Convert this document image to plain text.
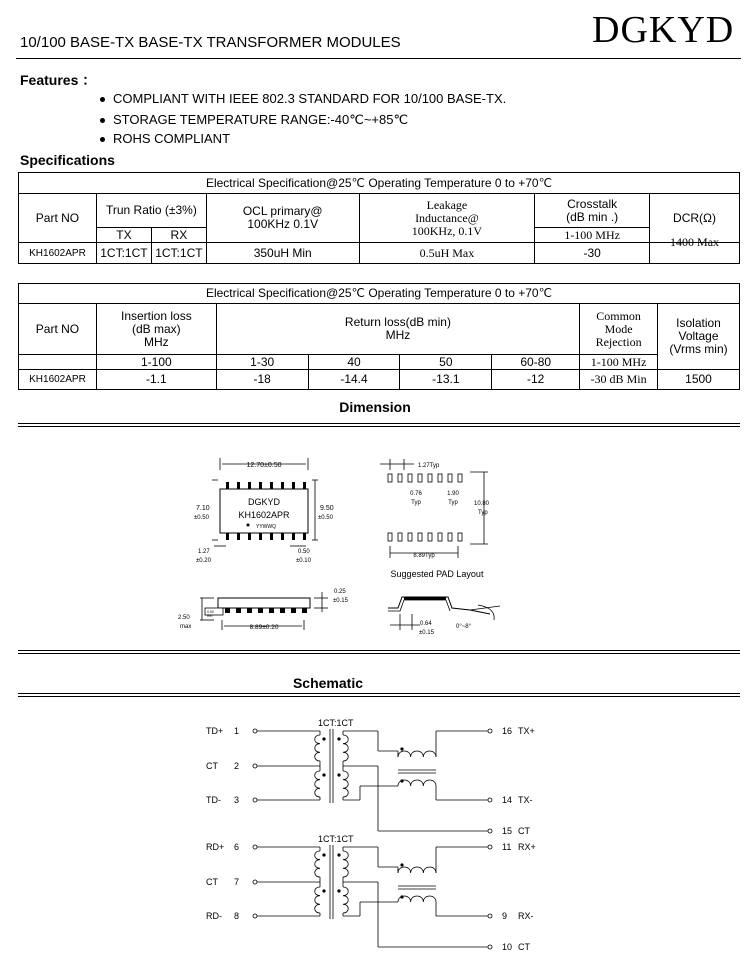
10/100 BASE-TX BASE-TX TRANSFORMER MODULES	DGKYD
Features ：
COMPLIANT WITH IEEE 802.3 STANDARD FOR 10/100 BASE-TX.
STORAGE TEMPERATURE RANGE:-40℃~+85℃
ROHS COMPLIANT
Specifications
Electrical Specification@25℃ Operating Temperature 0 to +70℃						
Part NO	Trun Ratio (±3%)		OCL primary@
100KHz 0.1V	Leakage
Inductance@
100KHz, 0.1V	Crosstalk
(dB min .)	DCR(Ω)
	TX	RX			1-100 MHz	
KH1602APR	1CT:1CT	1CT:1CT	350uH Min	0.5uH Max	-30	1400 Max
Electrical Specification@25℃ Operating Temperature 0 to +70℃							
Part NO	Insertion loss
(dB max)
MHz	Return loss(dB min)
MHz				Common
Mode
Rejection	Isolation
Voltage
(Vrms min)
	1-100	1-30	40	50	60-80	1-100 MHz	
KH1602APR	-1.1	-18	-14.4	-13.1	-12	-30 dB Min	1500
Dimension
12.70±0.50
7.10
±0.50
9.50
±0.50
DGKYD
KH1602APR
YYWWQ
1.27
±0.20
0.50
±0.10
0.90
Ref
2.50
max
0.25
±0.15
8.89±0.20
1.27Typ
0.76
Typ
1.90
Typ	10.80
Typ
8.89Typ
Suggested PAD Layout
0.64
±0.15
0°~8°
Schematic
1CT:1CT
TD+ 1
CT 2
TD- 3
16 TX+
14 TX-
15 CT
1CT:1CT
RD+ 6
CT 7
RD- 8
11 RX+
9 RX-
10 CT
